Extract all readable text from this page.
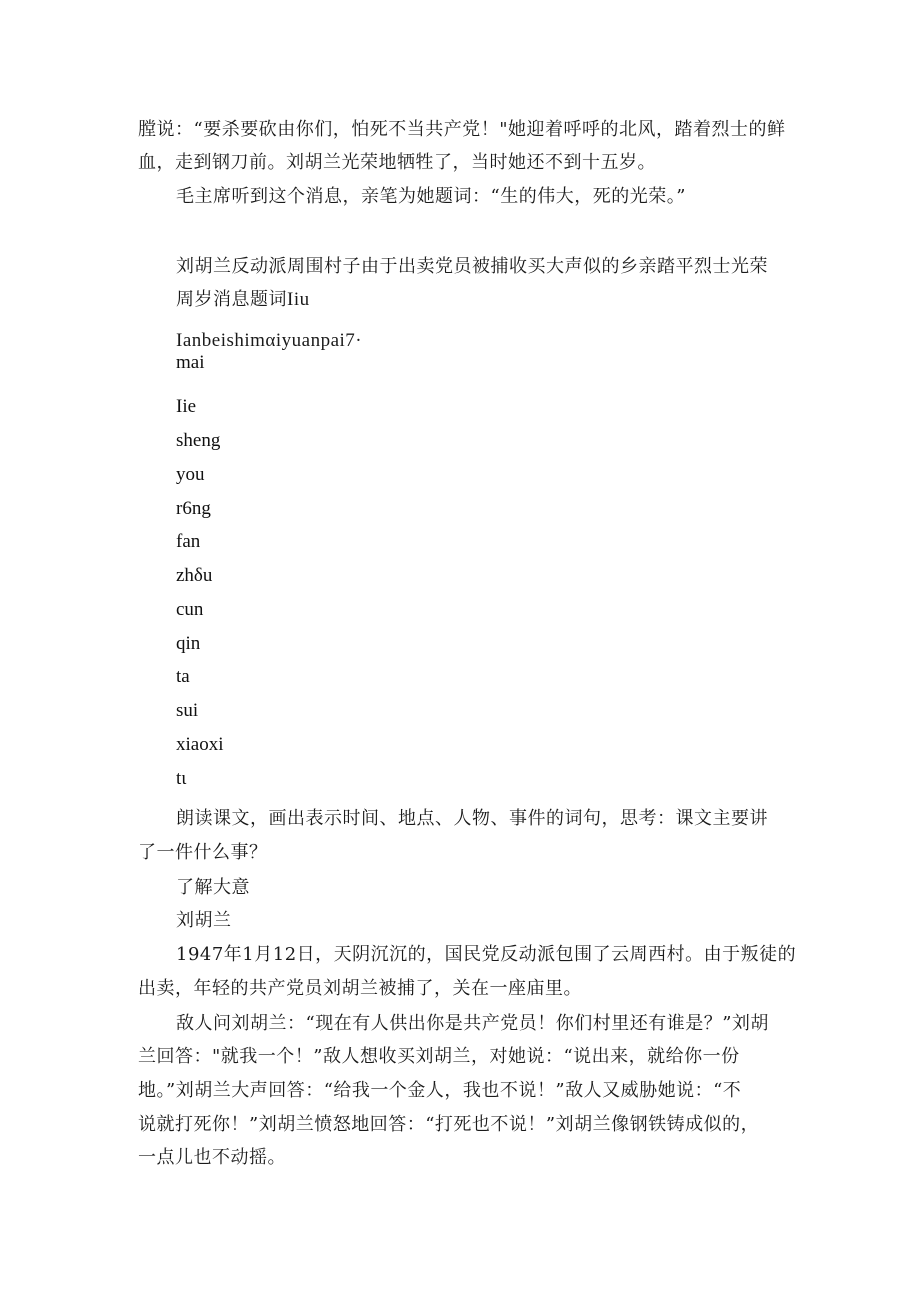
膛说：“要杀要砍由你们，怕死不当共产党！"她迎着呼呼的北风，踏着烈士的鲜
血，走到钢刀前。刘胡兰光荣地牺牲了，当时她还不到十五岁。
毛主席听到这个消息，亲笔为她题词：“生的伟大，死的光荣。”
刘胡兰反动派周围村子由于出卖党员被捕收买大声似的乡亲踏平烈士光荣
周岁消息题词Iiu
Ianbeishimαiyuanpai7·
mai
Iie
sheng
you
r6ng
fan
zhδu
cun
qin
ta
sui
xiaoxi
tι
朗读课文，画出表示时间、地点、人物、事件的词句，思考：课文主要讲
了一件什么事？
了解大意
刘胡兰
1947年1月12日，天阴沉沉的，国民党反动派包围了云周西村。由于叛徒的
出卖，年轻的共产党员刘胡兰被捕了，关在一座庙里。
敌人问刘胡兰：“现在有人供出你是共产党员！你们村里还有谁是？”刘胡
兰回答："就我一个！”敌人想收买刘胡兰，对她说：“说出来，就给你一份
地。”刘胡兰大声回答：“给我一个金人，我也不说！”敌人又威胁她说：“不
说就打死你！”刘胡兰愤怒地回答：“打死也不说！”刘胡兰像钢铁铸成似的，
一点儿也不动摇。
